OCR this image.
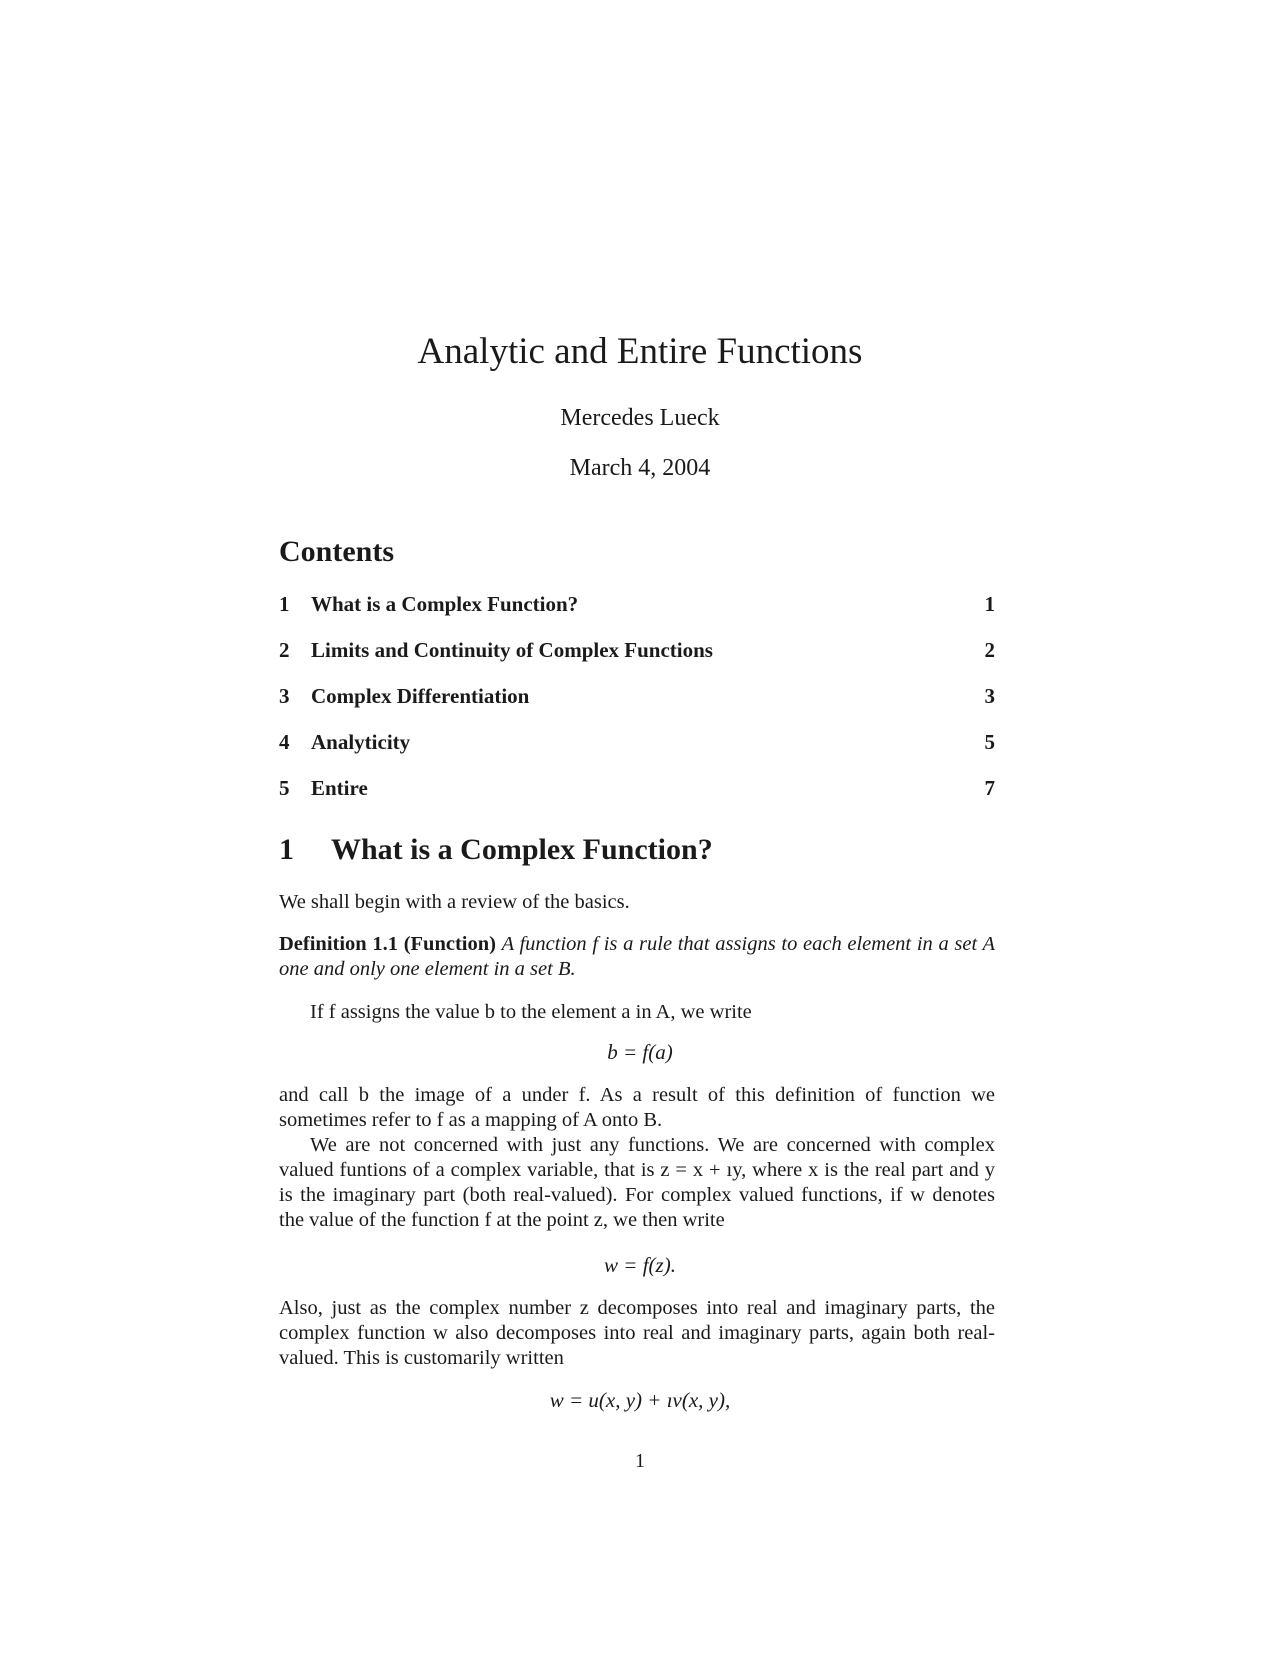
Analytic and Entire Functions
Mercedes Lueck
March 4, 2004
Contents
1 What is a Complex Function?	1
2 Limits and Continuity of Complex Functions	2
3 Complex Differentiation	3
4 Analyticity	5
5 Entire	7
1 What is a Complex Function?
We shall begin with a review of the basics.
Definition 1.1 (Function) A function f is a rule that assigns to each element in a set A one and only one element in a set B.
If f assigns the value b to the element a in A, we write
b = f(a)
and call b the image of a under f. As a result of this definition of function we sometimes refer to f as a mapping of A onto B.
We are not concerned with just any functions. We are concerned with complex valued funtions of a complex variable, that is z = x + ıy, where x is the real part and y is the imaginary part (both real-valued). For complex valued functions, if w denotes the value of the function f at the point z, we then write
w = f(z).
Also, just as the complex number z decomposes into real and imaginary parts, the complex function w also decomposes into real and imaginary parts, again both real-valued. This is customarily written
w = u(x, y) + ıv(x, y),
1
